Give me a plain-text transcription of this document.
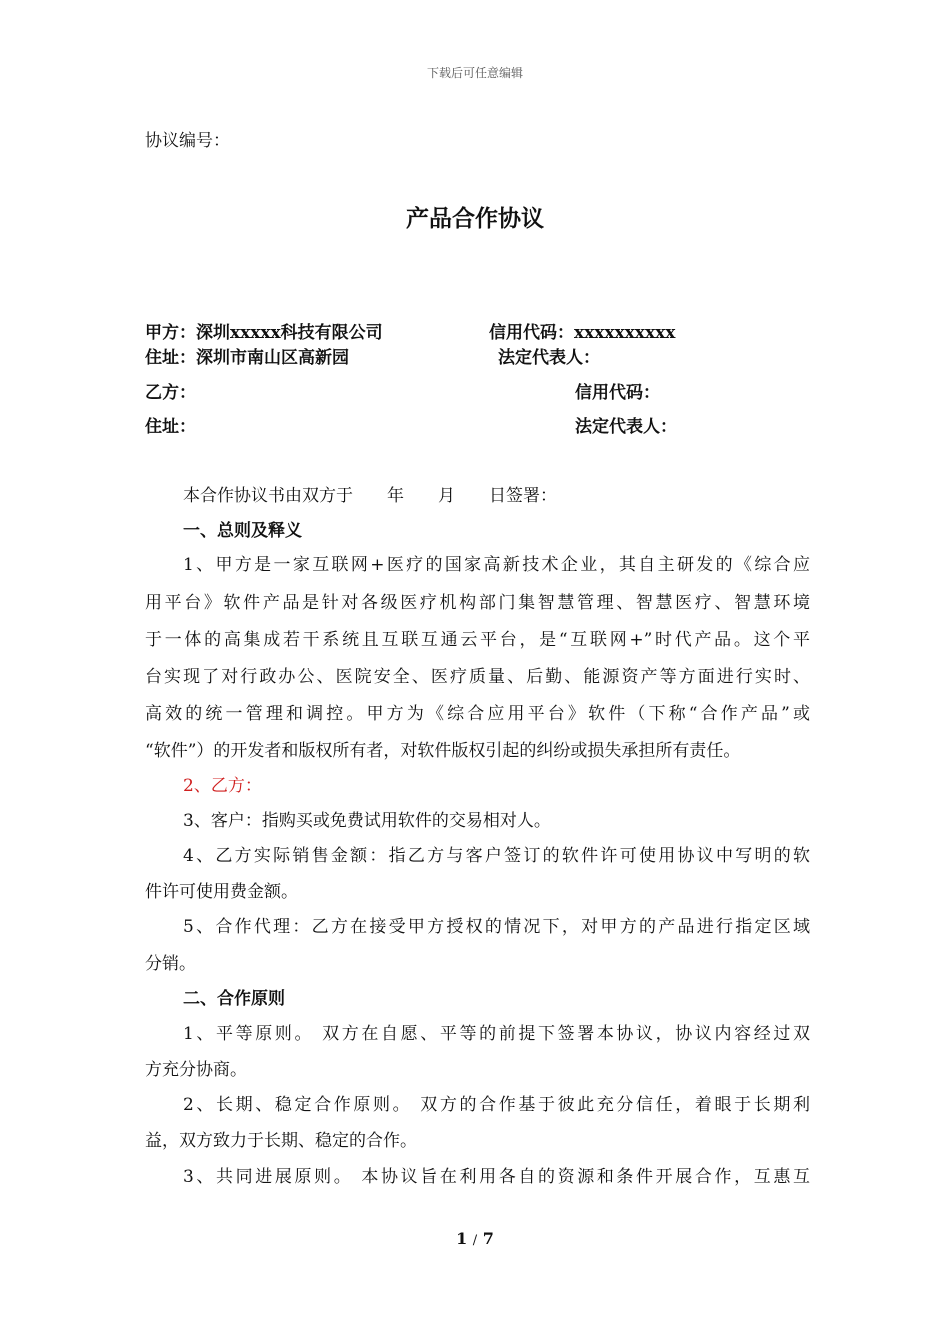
下载后可任意编辑
协议编号：
产品合作协议
甲方：深圳xxxxx科技有限公司	信用代码：xxxxxxxxxx
住址：深圳市南山区高新园	法定代表人：
乙方：	信用代码：
住址：	法定代表人：
本合作协议书由双方于　　年　　月　　日签署：
一、总则及释义
1、甲方是一家互联网+医疗的国家高新技术企业，其自主研发的《综合应
用平台》软件产品是针对各级医疗机构部门集智慧管理、智慧医疗、智慧环境
于一体的高集成若干系统且互联互通云平台，是“互联网+”时代产品。这个平
台实现了对行政办公、医院安全、医疗质量、后勤、能源资产等方面进行实时、
高效的统一管理和调控。甲方为《综合应用平台》软件（下称“合作产品”或
“软件”）的开发者和版权所有者，对软件版权引起的纠纷或损失承担所有责任。
2、乙方：
3、客户：指购买或免费试用软件的交易相对人。
4、乙方实际销售金额：指乙方与客户签订的软件许可使用协议中写明的软
件许可使用费金额。
5、合作代理：乙方在接受甲方授权的情况下，对甲方的产品进行指定区域
分销。
二、合作原则
1、平等原则。 双方在自愿、平等的前提下签署本协议，协议内容经过双
方充分协商。
2、长期、稳定合作原则。 双方的合作基于彼此充分信任，着眼于长期利
益，双方致力于长期、稳定的合作。
3、共同进展原则。 本协议旨在利用各自的资源和条件开展合作，互惠互
1 / 7
